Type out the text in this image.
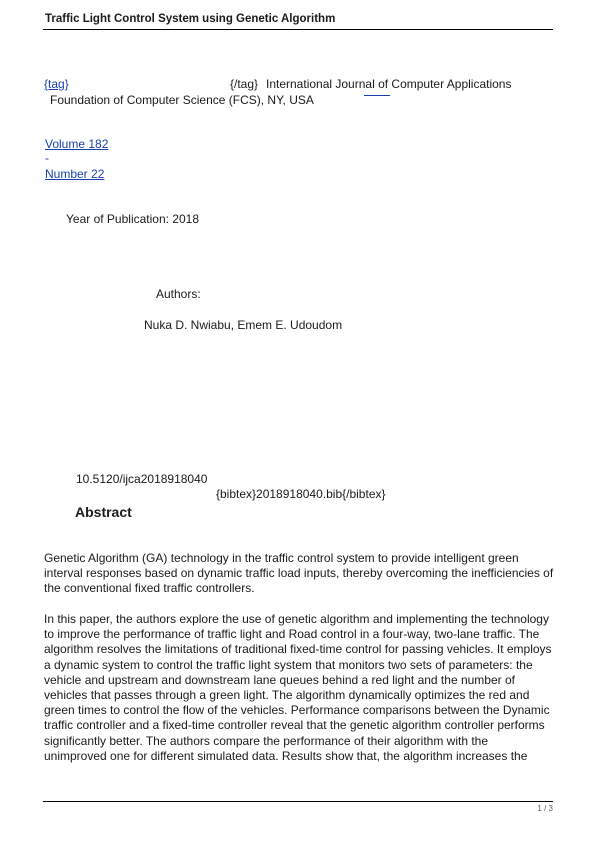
Traffic Light Control System using Genetic Algorithm
{tag}	{/tag} International Journal of Computer Applications
Foundation of Computer Science (FCS), NY, USA
Volume 182
-
Number 22
Year of Publication: 2018
Authors:
Nuka D. Nwiabu, Emem E. Udoudom
10.5120/ijca2018918040
{bibtex}2018918040.bib{/bibtex}
Abstract
Genetic Algorithm (GA) technology in the traffic control system to provide intelligent green
interval responses based on dynamic traffic load inputs, thereby overcoming the inefficiencies of
the conventional fixed traffic controllers.
In this paper, the authors explore the use of genetic algorithm and implementing the technology
to improve the performance of traffic light and Road control in a four-way, two-lane traffic. The
algorithm resolves the limitations of traditional fixed-time control for passing vehicles. It employs
a dynamic system to control the traffic light system that monitors two sets of parameters: the
vehicle and upstream and downstream lane queues behind a red light and the number of
vehicles that passes through a green light. The algorithm dynamically optimizes the red and
green times to control the flow of the vehicles. Performance comparisons between the Dynamic
traffic controller and a fixed-time controller reveal that the genetic algorithm controller performs
significantly better. The authors compare the performance of their algorithm with the
unimproved one for different simulated data. Results show that, the algorithm increases the
1 / 3
